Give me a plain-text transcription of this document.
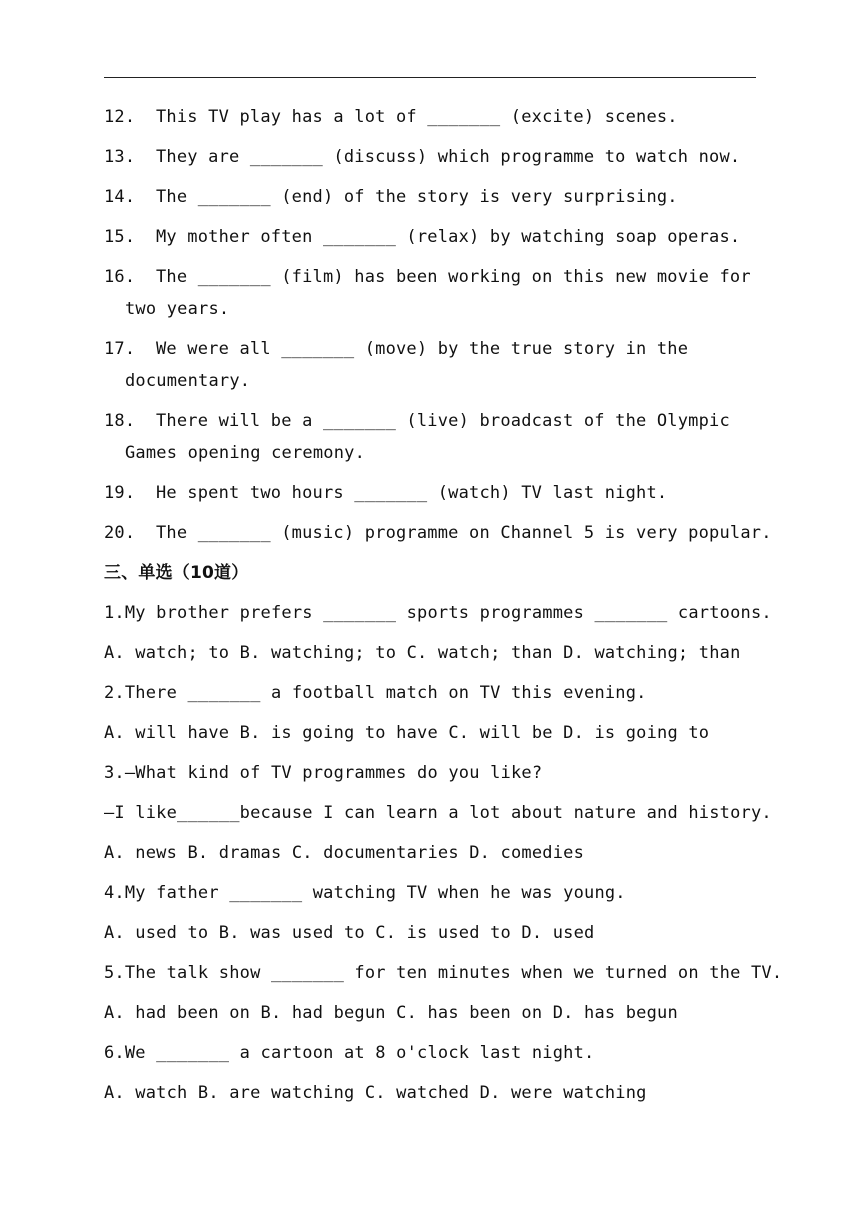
12. This TV play has a lot of _______ (excite) scenes.
13. They are _______ (discuss) which programme to watch now.
14. The _______ (end) of the story is very surprising.
15. My mother often _______ (relax) by watching soap operas.
16. The _______ (film) has been working on this new movie for
two years.
17. We were all _______ (move) by the true story in the
documentary.
18. There will be a _______ (live) broadcast of the Olympic
Games opening ceremony.
19. He spent two hours _______ (watch) TV last night.
20. The _______ (music) programme on Channel 5 is very popular.
三、单选（10道）
1.My brother prefers _______ sports programmes _______ cartoons.
A. watch; to B. watching; to C. watch; than D. watching; than
2.There _______ a football match on TV this evening.
A. will have B. is going to have C. will be D. is going to
3.—What kind of TV programmes do you like?
—I like______because I can learn a lot about nature and history.
A. news B. dramas C. documentaries D. comedies
4.My father _______ watching TV when he was young.
A. used to B. was used to C. is used to D. used
5.The talk show _______ for ten minutes when we turned on the TV.
A. had been on B. had begun C. has been on D. has begun
6.We _______ a cartoon at 8 o'clock last night.
A. watch B. are watching C. watched D. were watching
